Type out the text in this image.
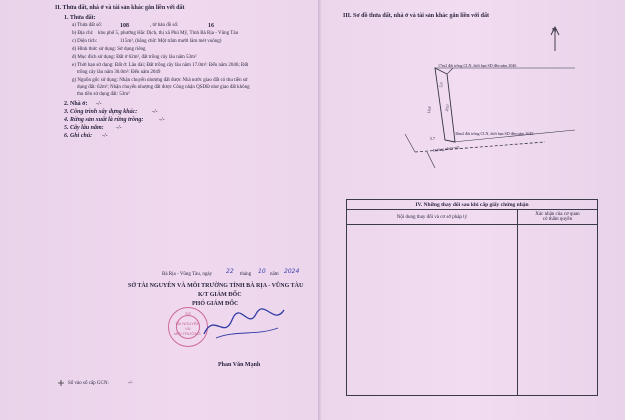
II. Thửa đất, nhà ở và tài sản khác gắn liền với đất
1. Thửa đất:
a) Thửa đất số:	108	, tờ bản đồ số:	16
b) Địa chỉ: khu phố 5, phường Hắc Dịch, thị xã Phú Mỹ, Tỉnh Bà Rịa - Vũng Tàu
c) Diện tích:	115m², (bằng chữ: Một trăm mười lăm mét vuông)
d) Hình thức sử dụng: Sử dụng riêng
đ) Mục đích sử dụng: Đất ở 62m², đất trồng cây lâu năm 53m²
e) Thời hạn sử dụng: Đất ở: Lâu dài; Đất trồng cây lâu năm 17.0m²: Đến năm 2046; Đất
trồng cây lâu năm 36.0m²: Đến năm 2049
g) Nguồn gốc sử dụng: Nhận chuyển nhượng đất được Nhà nước giao đất có thu tiền sử
dụng đất: 62m²; Nhận chuyển nhượng đất được Công nhận QSDĐ như giao đất không
thu tiền sử dụng đất: 53m²
2. Nhà ở: -/-
3. Công trình xây dựng khác: -/-
4. Rừng sản xuất là rừng trồng:	-/-
5. Cây lâu năm: -/-
6. Ghi chú: -/-
Bà Rịa - Vũng Tàu, ngày 22 tháng 10 năm 2024
SỞ TÀI NGUYÊN VÀ MÔI TRƯỜNG TỈNH BÀ RỊA - VŨNG TÀU
K/T GIÁM ĐỐC
PHÓ GIÁM ĐỐC
SỞ
TÀI NGUYÊN
VÀ
MÔI TRƯỜNG
Phan Văn Mạnh
Số vào sổ cấp GCN:	-/-
III. Sơ đồ thửa đất, nhà ở và tài sản khác gắn liền với đất
N
17m2 đất trồng CLN, thời hạn SD đến năm 2046
36m2 đất trồng CLN, thời hạn SD đến năm 2049
Đường nhựa-vm
5.0
20.0
18.8
5.7
IV. Những thay đổi sau khi cấp giấy chứng nhận	
Nội dung thay đổi và cơ sở pháp lý	Xác nhận của cơ quan
có thẩm quyền
